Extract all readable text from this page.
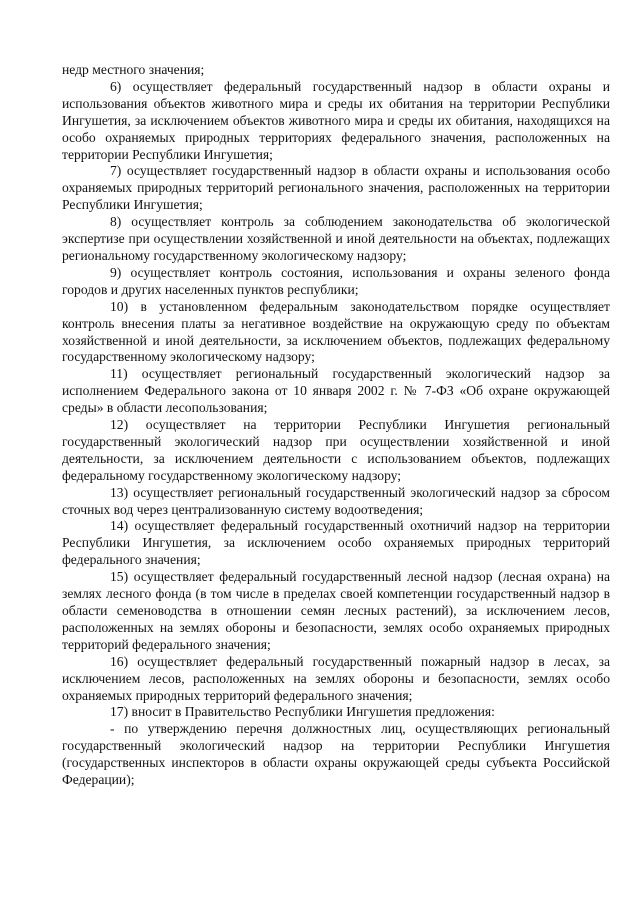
недр местного значения;

6) осуществляет федеральный государственный надзор в области охраны и использования объектов животного мира и среды их обитания на территории Республики Ингушетия, за исключением объектов животного мира и среды их обитания, находящихся на особо охраняемых природных территориях федерального значения, расположенных на территории Республики Ингушетия;

7) осуществляет государственный надзор в области охраны и использования особо охраняемых природных территорий регионального значения, расположенных на территории Республики Ингушетия;

8) осуществляет контроль за соблюдением законодательства об экологической экспертизе при осуществлении хозяйственной и иной деятельности на объектах, подлежащих региональному государственному экологическому надзору;

9) осуществляет контроль состояния, использования и охраны зеленого фонда городов и других населенных пунктов республики;

10) в установленном федеральным законодательством порядке осуществляет контроль внесения платы за негативное воздействие на окружающую среду по объектам хозяйственной и иной деятельности, за исключением объектов, подлежащих федеральному государственному экологическому надзору;

11) осуществляет региональный государственный экологический надзор за исполнением Федерального закона от 10 января 2002 г. № 7-ФЗ «Об охране окружающей среды» в области лесопользования;

12) осуществляет на территории Республики Ингушетия региональный государственный экологический надзор при осуществлении хозяйственной и иной деятельности, за исключением деятельности с использованием объектов, подлежащих федеральному государственному экологическому надзору;

13) осуществляет региональный государственный экологический надзор за сбросом сточных вод через централизованную систему водоотведения;

14) осуществляет федеральный государственный охотничий надзор на территории Республики Ингушетия, за исключением особо охраняемых природных территорий федерального значения;

15) осуществляет федеральный государственный лесной надзор (лесная охрана) на землях лесного фонда (в том числе в пределах своей компетенции государственный надзор в области семеноводства в отношении семян лесных растений), за исключением лесов, расположенных на землях обороны и безопасности, землях особо охраняемых природных территорий федерального значения;

16) осуществляет федеральный государственный пожарный надзор в лесах, за исключением лесов, расположенных на землях обороны и безопасности, землях особо охраняемых природных территорий федерального значения;

17) вносит в Правительство Республики Ингушетия предложения:

- по утверждению перечня должностных лиц, осуществляющих региональный государственный экологический надзор на территории Республики Ингушетия (государственных инспекторов в области охраны окружающей среды субъекта Российской Федерации);
